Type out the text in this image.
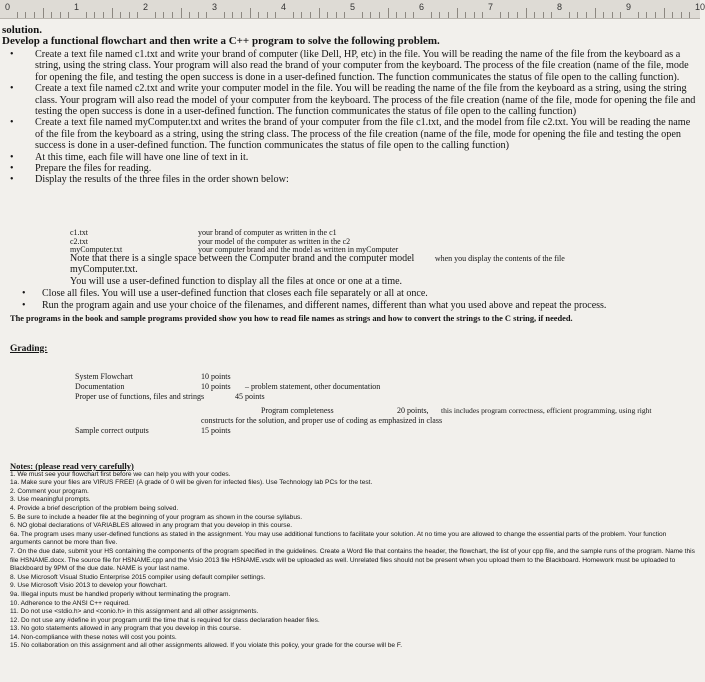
0	1	2	3	4	5	6	7	8	9	10
solution.
Develop a functional flowchart and then write a C++ program to solve the following problem.
• Create a text file named c1.txt and write your brand of computer (like Dell, HP, etc) in the file. You will be reading the name of the file from the keyboard as a string, using the string class. Your program will also read the brand of your computer from the keyboard. The process of the file creation (name of the file, mode for opening the file, and testing the open success is done in a user-defined function. The function communicates the status of file open to the calling function).
• Create a text file named c2.txt and write your computer model in the file. You will be reading the name of the file from the keyboard as a string, using the string class. Your program will also read the model of your computer from the keyboard. The process of the file creation (name of the file, mode for opening the file and testing the open success is done in a user-defined function. The function communicates the status of file open to the calling function)
• Create a text file named myComputer.txt and writes the brand of your computer from the file c1.txt, and the model from file c2.txt. You will be reading the name of the file from the keyboard as a string, using the string class. The process of the file creation (name of the file, mode for opening the file and testing the open success is done in a user-defined function. The function communicates the status of file open to the calling function)
• At this time, each file will have one line of text in it.
• Prepare the files for reading.
• Display the results of the three files in the order shown below:
c1.txt	your brand of computer as written in the c1
c2.txt	your model of the computer as written in the c2
myComputer.txt	your computer brand and the model as written in myComputer
Note that there is a single space between the Computer brand and the computer model	when you display the contents of the file
myComputer.txt.
You will use a user-defined function to display all the files at once or one at a time.
• Close all files. You will use a user-defined function that closes each file separately or all at once.
• Run the program again and use your choice of the filenames, and different names, different than what you used above and repeat the process.
The programs in the book and sample programs provided show you how to read file names as strings and how to convert the strings to the C string, if needed.
Grading:
System Flowchart	10 points
Documentation	10 points – problem statement, other documentation
Proper use of functions, files and strings	45 points
Program completeness	20 points, this includes program correctness, efficient programming, using right
constructs for the solution, and proper use of coding as emphasized in class
Sample correct outputs	15 points
Notes: (please read very carefully)
1. We must see your flowchart first before we can help you with your codes.
1a. Make sure your files are VIRUS FREE! (A grade of 0 will be given for infected files). Use Technology lab PCs for the test.
2. Comment your program.
3. Use meaningful prompts.
4. Provide a brief description of the problem being solved.
5. Be sure to include a header file at the beginning of your program as shown in the course syllabus.
6. NO global declarations of VARIABLES allowed in any program that you develop in this course.
6a. The program uses many user-defined functions as stated in the assignment. You may use additional functions to facilitate your solution. At no time you are allowed to change the essential parts of the problem. Your function arguments cannot be more than five.
7. On the due date, submit your HS containing the components of the program specified in the guidelines. Create a Word file that contains the header, the flowchart, the list of your cpp file, and the sample runs of the program. Name this file HSNAME.docx. The source file for HSNAME.cpp and the Visio 2013 file HSNAME.vsdx will be uploaded as well. Unrelated files should not be present when you upload them to the Blackboard. Homework must be uploaded to Blackboard by 9PM of the due date. NAME is your last name.
8. Use Microsoft Visual Studio Enterprise 2015 compiler using default compiler settings.
9. Use Microsoft Visio 2013 to develop your flowchart.
9a. Illegal inputs must be handled properly without terminating the program.
10. Adherence to the ANSI C++ required.
11. Do not use <stdio.h> and <conio.h> in this assignment and all other assignments.
12. Do not use any #define in your program until the time that is required for class declaration header files.
13. No goto statements allowed in any program that you develop in this course.
14. Non-compliance with these notes will cost you points.
15. No collaboration on this assignment and all other assignments allowed. If you violate this policy, your grade for the course will be F.
